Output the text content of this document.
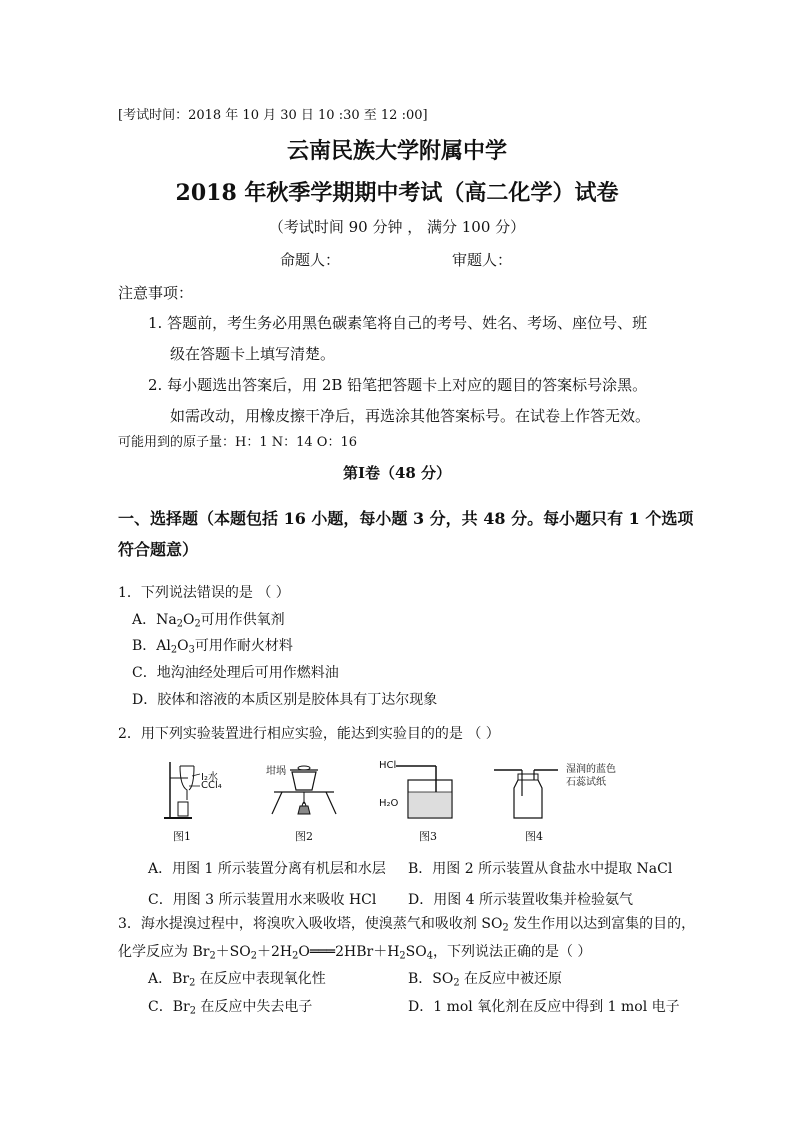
[考试时间：2018 年 10 月 30 日 10 :30 至 12 :00]
云南民族大学附属中学
2018 年秋季学期期中考试（高二化学）试卷
（考试时间 90 分钟 ， 满分 100 分）
命题人：	审题人：
注意事项：
1. 答题前，考生务必用黑色碳素笔将自己的考号、姓名、考场、座位号、班
级在答题卡上填写清楚。
2. 每小题选出答案后，用 2B 铅笔把答题卡上对应的题目的答案标号涂黑。
如需改动，用橡皮擦干净后，再选涂其他答案标号。在试卷上作答无效。
可能用到的原子量：H：1 N：14 O：16
第Ⅰ卷（48 分）
一、选择题（本题包括 16 小题，每小题 3 分，共 48 分。每小题只有 1 个选项
符合题意）
1．下列说法错误的是 （ ）
A．$Na_2O_2$可用作供氧剂
B．$Al_2O_3$可用作耐火材料
C．地沟油经处理后可用作燃料油
D．胶体和溶液的本质区别是胶体具有丁达尔现象
2．用下列实验装置进行相应实验，能达到实验目的的是 （ ）
I₂水
CCl₄
图1
坩埚
图2
HCl
H₂O
图3
湿润的蓝色
石蕊试纸
图4
A．用图 1 所示装置分离有机层和水层 B．用图 2 所示装置从食盐水中提取 NaCl
C．用图 3 所示装置用水来吸收 HCl D．用图 4 所示装置收集并检验氨气
3．海水提溴过程中，将溴吹入吸收塔，使溴蒸气和吸收剂 $SO_2$ 发生作用以达到富集的目的，
化学反应为 $Br_2+SO_2+2H_2O═══2HBr+H_2SO_4$，下列说法正确的是（ ）
A．$Br_2$ 在反应中表现氧化性	B．$SO_2$ 在反应中被还原
C．$Br_2$ 在反应中失去电子	D．1 mol 氧化剂在反应中得到 1 mol 电子
